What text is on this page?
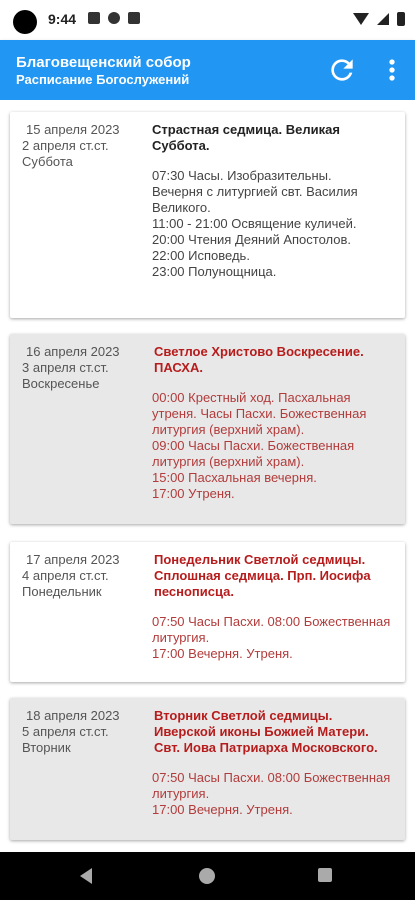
9:44
Благовещенский собор
Расписание Богослужений
15 апреля 2023
2 апреля ст.ст.
Суббота
Страстная седмица. Великая Суббота.
07:30 Часы. Изобразительны.
Вечерня с литургией свт. Василия Великого.
11:00 - 21:00 Освящение куличей.
20:00 Чтения Деяний Апостолов.
22:00 Исповедь.
23:00 Полунощница.
16 апреля 2023
3 апреля ст.ст.
Воскресенье
Светлое Христово Воскресение. ПАСХА.
00:00 Крестный ход. Пасхальная утреня. Часы Пасхи. Божественная литургия (верхний храм).
09:00 Часы Пасхи. Божественная литургия (верхний храм).
15:00 Пасхальная вечерня.
17:00 Утреня.
17 апреля 2023
4 апреля ст.ст.
Понедельник
Понедельник Светлой седмицы. Сплошная седмица. Прп. Иосифа песнописца.
07:50 Часы Пасхи. 08:00 Божественная литургия.
17:00 Вечерня. Утреня.
18 апреля 2023
5 апреля ст.ст.
Вторник
Вторник Светлой седмицы. Иверской иконы Божией Матери. Свт. Иова Патриарха Московского.
07:50 Часы Пасхи. 08:00 Божественная литургия.
17:00 Вечерня. Утреня.
